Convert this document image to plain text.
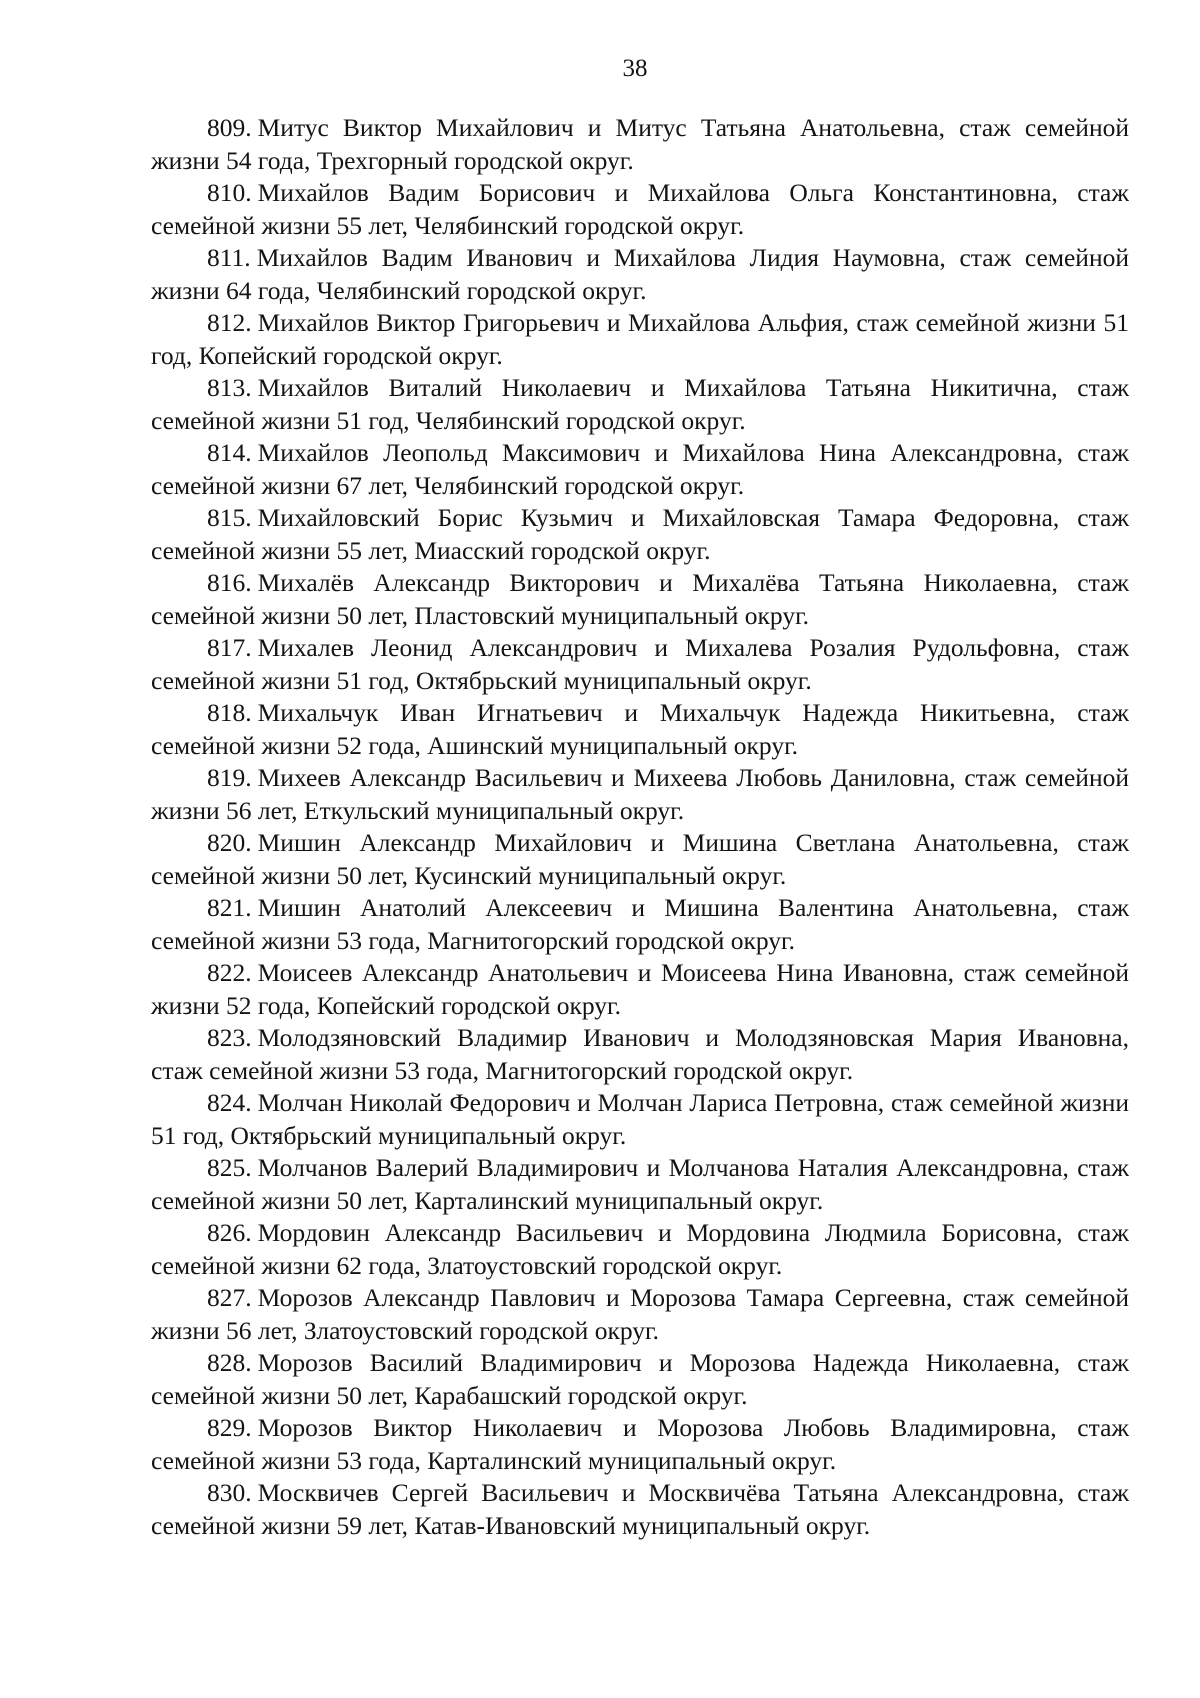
38
809. Митус Виктор Михайлович и Митус Татьяна Анатольевна, стаж семейной жизни 54 года, Трехгорный городской округ.
810. Михайлов Вадим Борисович и Михайлова Ольга Константиновна, стаж семейной жизни 55 лет, Челябинский городской округ.
811. Михайлов Вадим Иванович и Михайлова Лидия Наумовна, стаж семейной жизни 64 года, Челябинский городской округ.
812. Михайлов Виктор Григорьевич и Михайлова Альфия, стаж семейной жизни 51 год, Копейский городской округ.
813. Михайлов Виталий Николаевич и Михайлова Татьяна Никитична, стаж семейной жизни 51 год, Челябинский городской округ.
814. Михайлов Леопольд Максимович и Михайлова Нина Александровна, стаж семейной жизни 67 лет, Челябинский городской округ.
815. Михайловский Борис Кузьмич и Михайловская Тамара Федоровна, стаж семейной жизни 55 лет, Миасский городской округ.
816. Михалёв Александр Викторович и Михалёва Татьяна Николаевна, стаж семейной жизни 50 лет, Пластовский муниципальный округ.
817. Михалев Леонид Александрович и Михалева Розалия Рудольфовна, стаж семейной жизни 51 год, Октябрьский муниципальный округ.
818. Михальчук Иван Игнатьевич и Михальчук Надежда Никитьевна, стаж семейной жизни 52 года, Ашинский муниципальный округ.
819. Михеев Александр Васильевич и Михеева Любовь Даниловна, стаж семейной жизни 56 лет, Еткульский муниципальный округ.
820. Мишин Александр Михайлович и Мишина Светлана Анатольевна, стаж семейной жизни 50 лет, Кусинский муниципальный округ.
821. Мишин Анатолий Алексеевич и Мишина Валентина Анатольевна, стаж семейной жизни 53 года, Магнитогорский городской округ.
822. Моисеев Александр Анатольевич и Моисеева Нина Ивановна, стаж семейной жизни 52 года, Копейский городской округ.
823. Молодзяновский Владимир Иванович и Молодзяновская Мария Ивановна, стаж семейной жизни 53 года, Магнитогорский городской округ.
824. Молчан Николай Федорович и Молчан Лариса Петровна, стаж семейной жизни 51 год, Октябрьский муниципальный округ.
825. Молчанов Валерий Владимирович и Молчанова Наталия Александровна, стаж семейной жизни 50 лет, Карталинский муниципальный округ.
826. Мордовин Александр Васильевич и Мордовина Людмила Борисовна, стаж семейной жизни 62 года, Златоустовский городской округ.
827. Морозов Александр Павлович и Морозова Тамара Сергеевна, стаж семейной жизни 56 лет, Златоустовский городской округ.
828. Морозов Василий Владимирович и Морозова Надежда Николаевна, стаж семейной жизни 50 лет, Карабашский городской округ.
829. Морозов Виктор Николаевич и Морозова Любовь Владимировна, стаж семейной жизни 53 года, Карталинский муниципальный округ.
830. Москвичев Сергей Васильевич и Москвичёва Татьяна Александровна, стаж семейной жизни 59 лет, Катав-Ивановский муниципальный округ.
